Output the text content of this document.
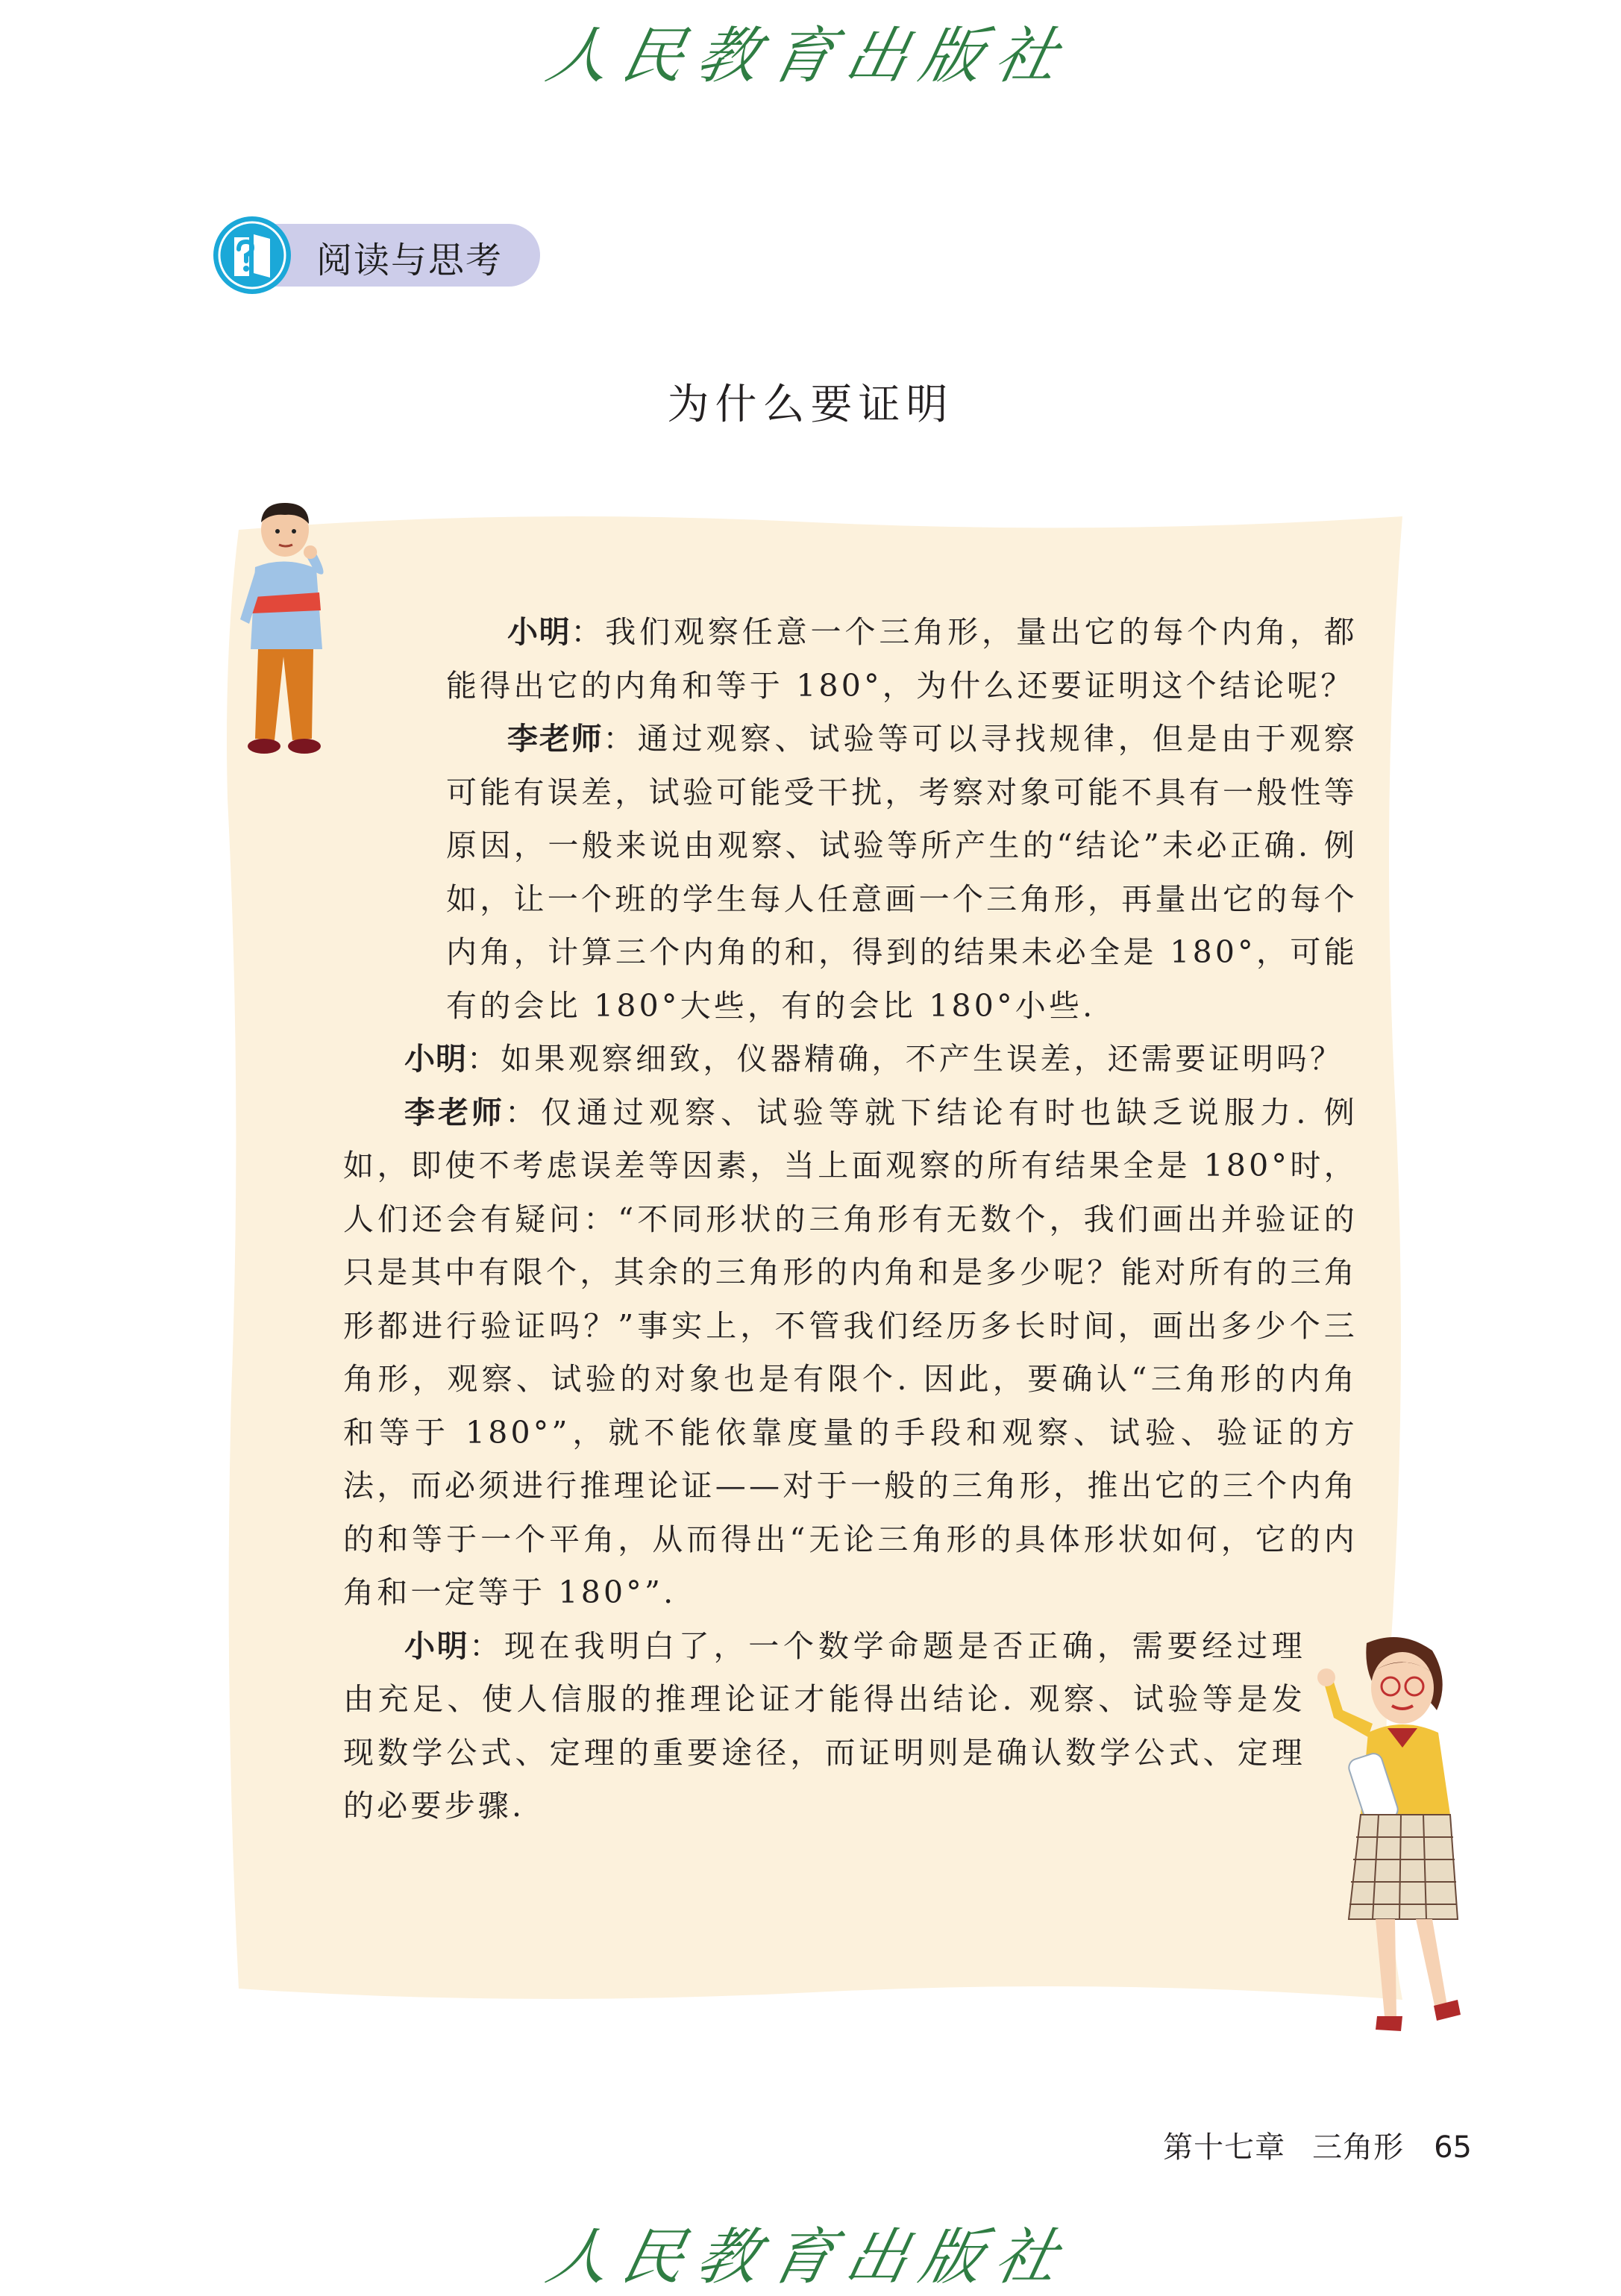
人民教育出版社
阅读与思考
为什么要证明

小明：我们观察任意一个三角形，量出它的每个内角，都能得出它的内角和等于 180°，为什么还要证明这个结论呢？

李老师：通过观察、试验等可以寻找规律，但是由于观察可能有误差，试验可能受干扰，考察对象可能不具有一般性等原因，一般来说由观察、试验等所产生的“结论”未必正确. 例如，让一个班的学生每人任意画一个三角形，再量出它的每个内角，计算三个内角的和，得到的结果未必全是 180°，可能有的会比 180°大些，有的会比 180°小些.

小明：如果观察细致，仪器精确，不产生误差，还需要证明吗？

李老师：仅通过观察、试验等就下结论有时也缺乏说服力. 例如，即使不考虑误差等因素，当上面观察的所有结果全是 180°时，人们还会有疑问：“不同形状的三角形有无数个，我们画出并验证的只是其中有限个，其余的三角形的内角和是多少呢？能对所有的三角形都进行验证吗？”事实上，不管我们经历多长时间，画出多少个三角形，观察、试验的对象也是有限个. 因此，要确认“三角形的内角和等于 180°”，就不能依靠度量的手段和观察、试验、验证的方法，而必须进行推理论证——对于一般的三角形，推出它的三个内角的和等于一个平角，从而得出“无论三角形的具体形状如何，它的内角和一定等于 180°”.

小明：现在我明白了，一个数学命题是否正确，需要经过理由充足、使人信服的推理论证才能得出结论. 观察、试验等是发现数学公式、定理的重要途径，而证明则是确认数学公式、定理的必要步骤.

第十七章 三角形 65
人民教育出版社
